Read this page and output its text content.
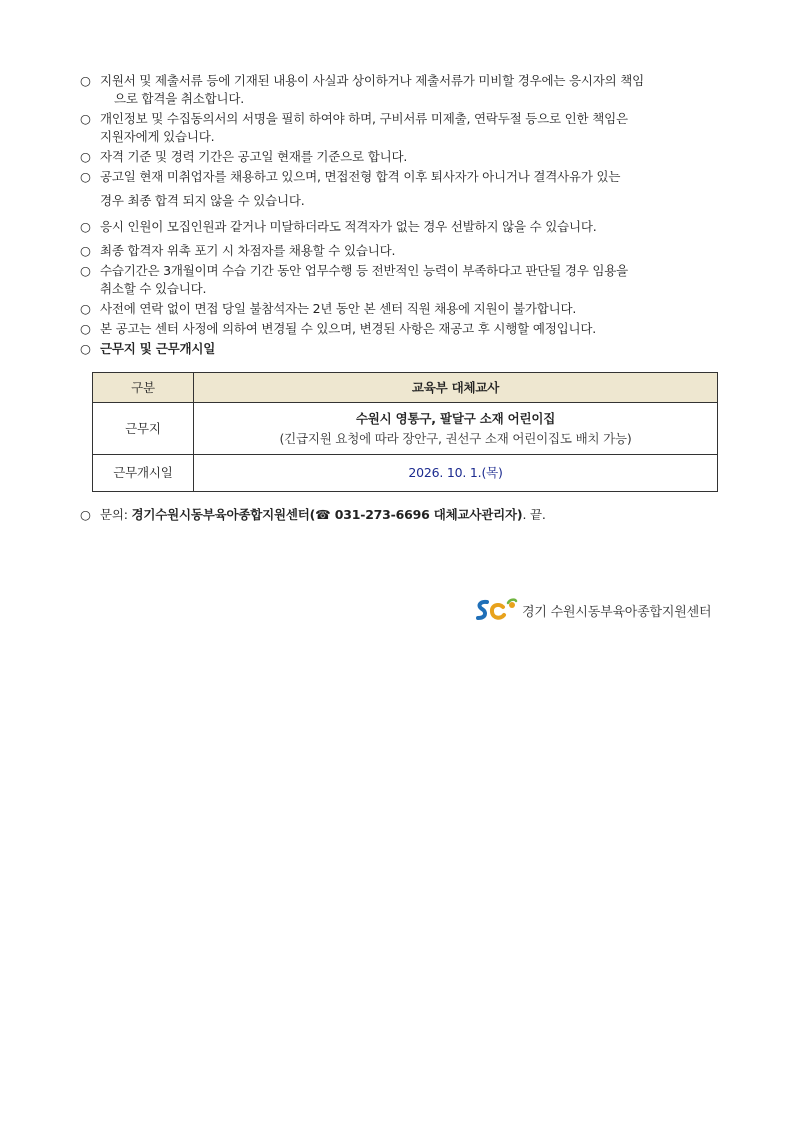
○ 지원서 및 제출서류 등에 기재된 내용이 사실과 상이하거나 제출서류가 미비할 경우에는 응시자의 책임
으로 합격을 취소합니다.
○ 개인정보 및 수집동의서의 서명을 필히 하여야 하며, 구비서류 미제출, 연락두절 등으로 인한 책임은
지원자에게 있습니다.
○ 자격 기준 및 경력 기간은 공고일 현재를 기준으로 합니다.
○ 공고일 현재 미취업자를 채용하고 있으며, 면접전형 합격 이후 퇴사자가 아니거나 결격사유가 있는
경우 최종 합격 되지 않을 수 있습니다.
○ 응시 인원이 모집인원과 같거나 미달하더라도 적격자가 없는 경우 선발하지 않을 수 있습니다.
○ 최종 합격자 위촉 포기 시 차점자를 채용할 수 있습니다.
○ 수습기간은 3개월이며 수습 기간 동안 업무수행 등 전반적인 능력이 부족하다고 판단될 경우 임용을
취소할 수 있습니다.
○ 사전에 연락 없이 면접 당일 불참석자는 2년 동안 본 센터 직원 채용에 지원이 불가합니다.
○ 본 공고는 센터 사정에 의하여 변경될 수 있으며, 변경된 사항은 재공고 후 시행할 예정입니다.
○ 근무지 및 근무개시일
구분	교육부 대체교사
근무지	수원시 영통구, 팔달구 소재 어린이집
(긴급지원 요청에 따라 장안구, 권선구 소재 어린이집도 배치 가능)

근무개시일	2026. 10. 1.(목)
○ 문의: 경기수원시동부육아종합지원센터(☎ 031-273-6696 대체교사관리자). 끝.
경기 수원시동부육아종합지원센터
